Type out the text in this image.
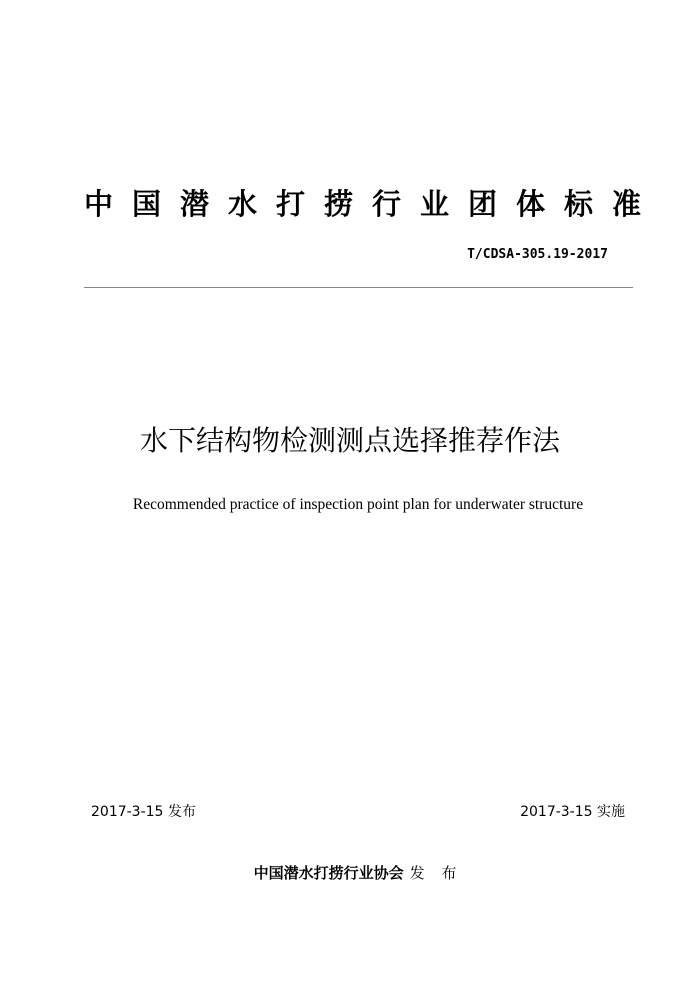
中国潜水打捞行业团体标准
T/CDSA-305.19-2017
水下结构物检测测点选择推荐作法
Recommended practice of inspection point plan for underwater structure
2017-3-15 发布	2017-3-15 实施
中国潜水打捞行业协会 发 布
